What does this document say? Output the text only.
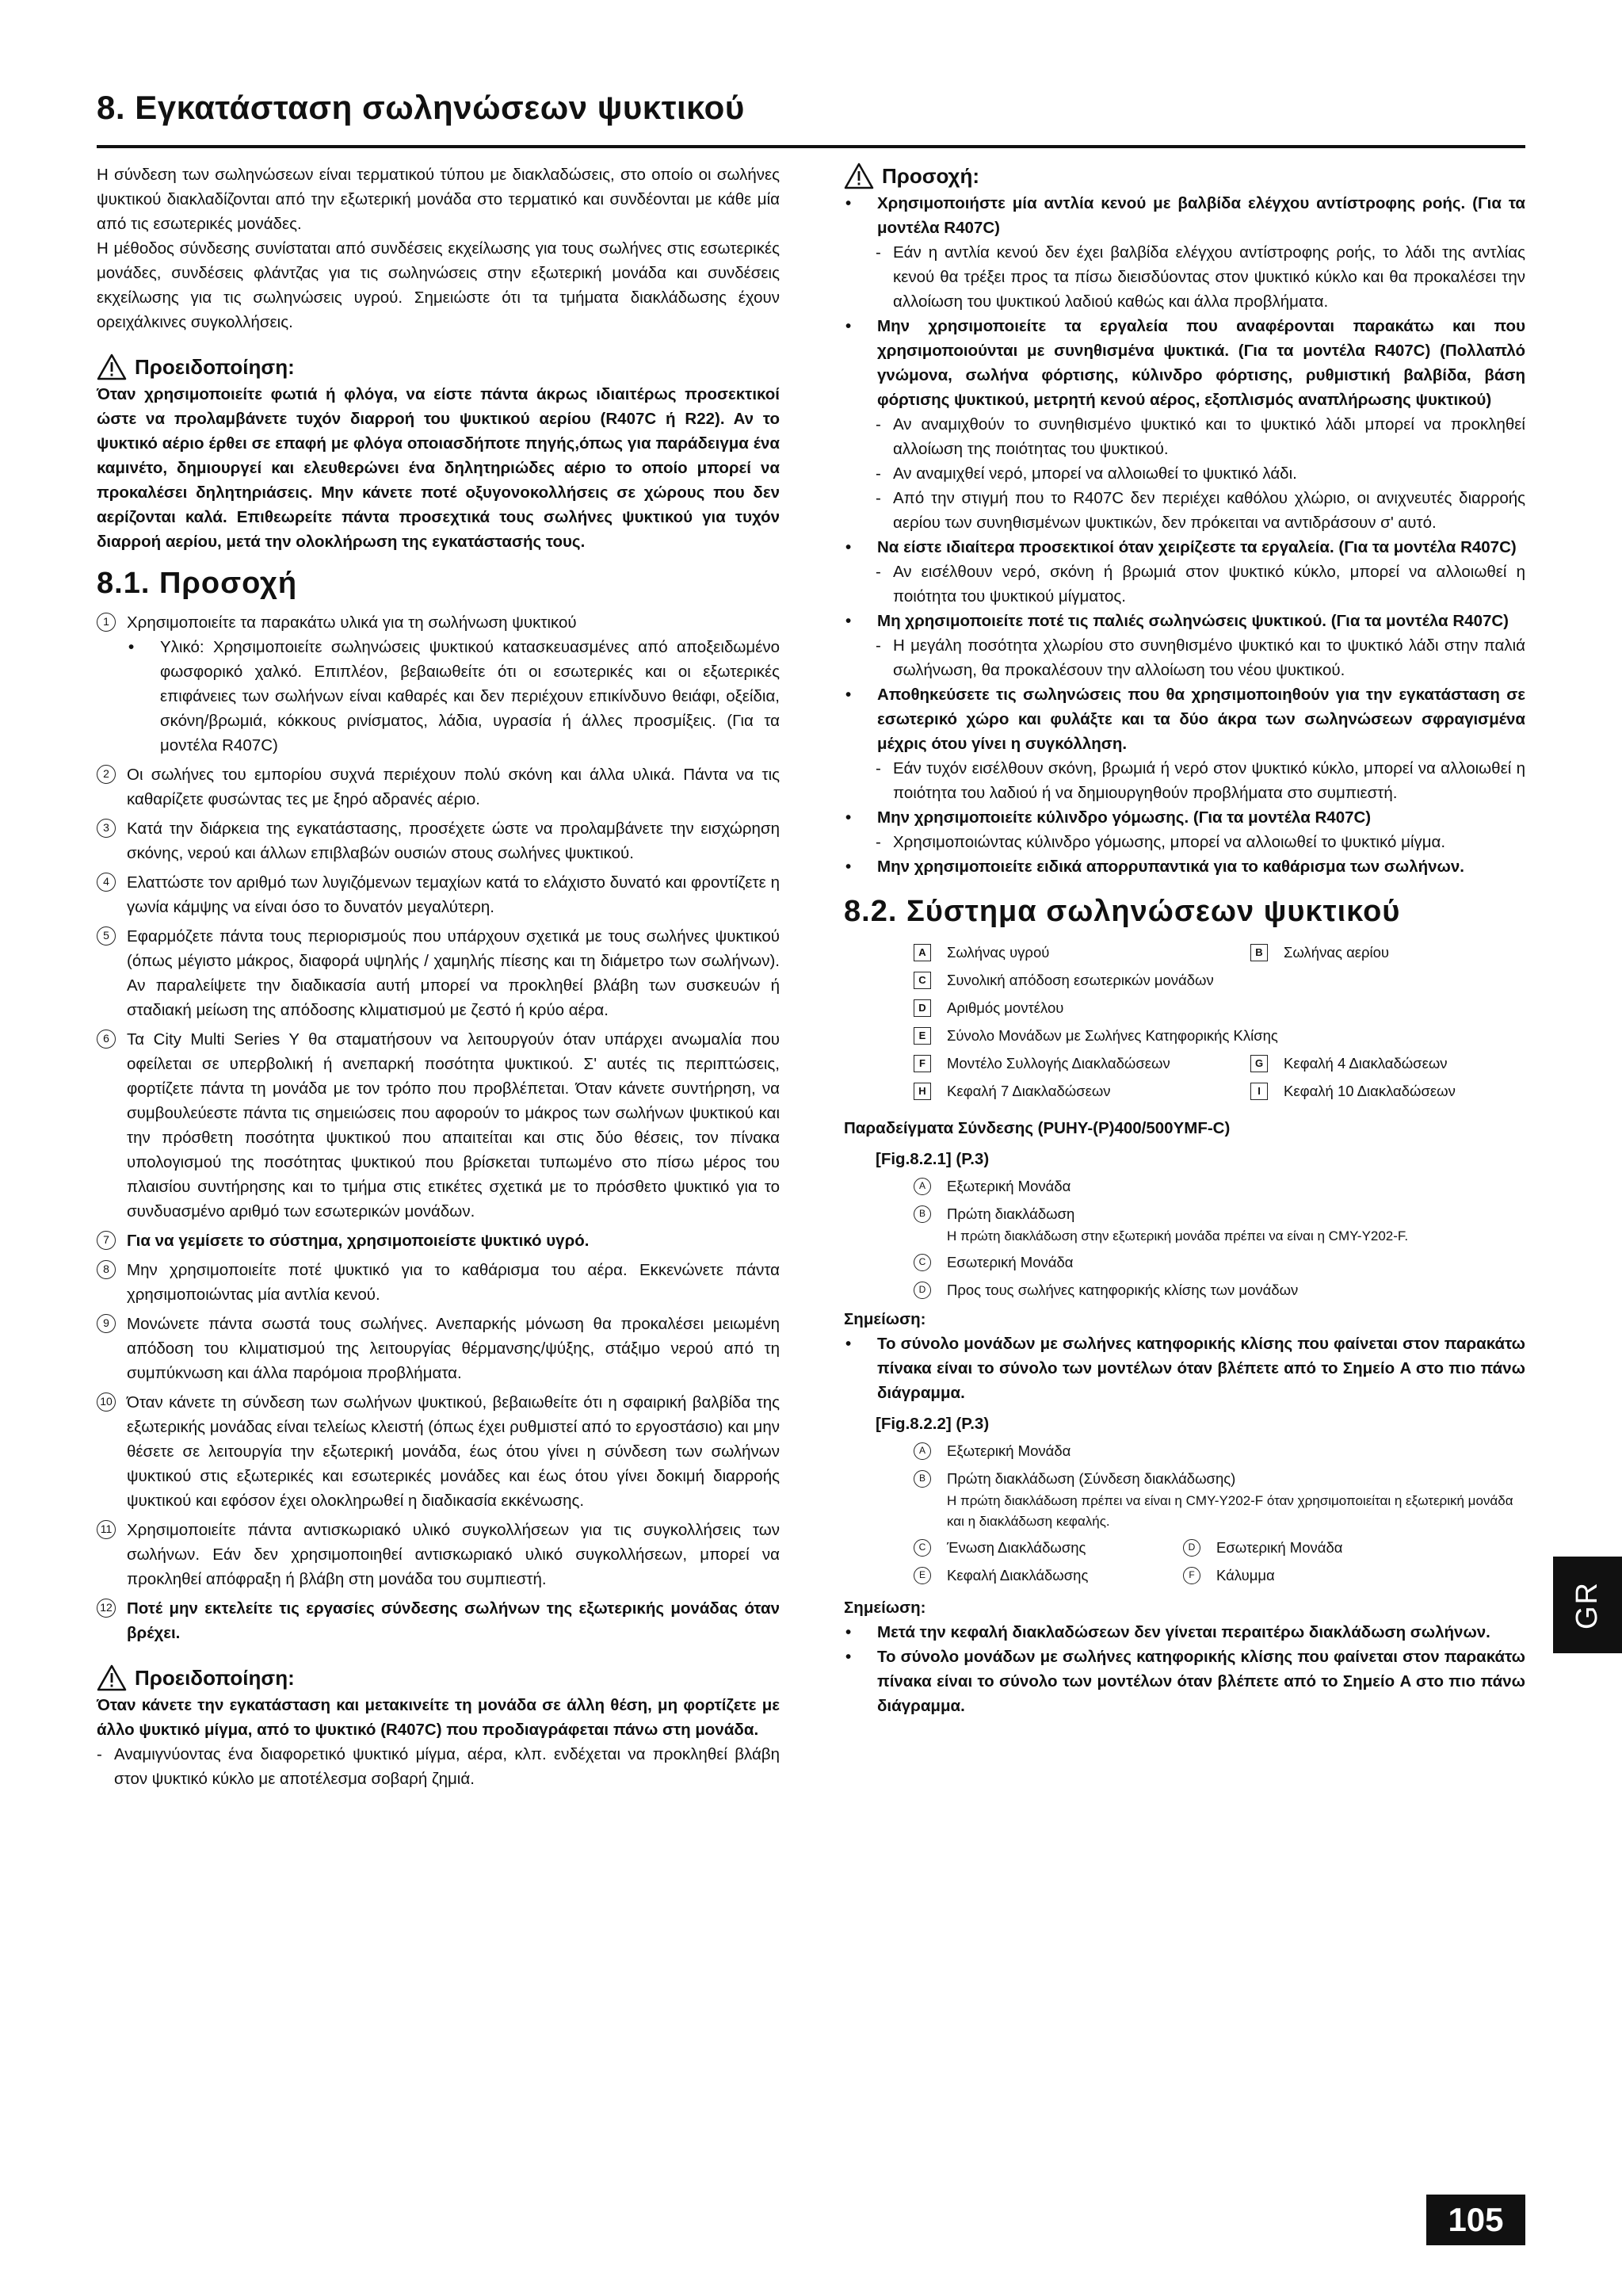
8. Εγκατάσταση σωληνώσεων ψυκτικού

Η σύνδεση των σωληνώσεων είναι τερματικού τύπου με διακλαδώσεις, στο οποίο οι σωλήνες ψυκτικού διακλαδίζονται από την εξωτερική μονάδα στο τερματικό και συνδέονται με κάθε μία από τις εσωτερικές μονάδες.

Η μέθοδος σύνδεσης συνίσταται από συνδέσεις εκχείλωσης για τους σωλήνες στις εσωτερικές μονάδες, συνδέσεις φλάντζας για τις σωληνώσεις στην εξωτερική μονάδα και συνδέσεις εκχείλωσης για τις σωληνώσεις υγρού. Σημειώστε ότι τα τμήματα διακλάδωσης έχουν ορειχάλκινες συγκολλήσεις.

Προειδοποίηση:

Όταν χρησιμοποιείτε φωτιά ή φλόγα, να είστε πάντα άκρως ιδιαιτέρως προσεκτικοί ώστε να προλαμβάνετε τυχόν διαρροή του ψυκτικού αερίου (R407C ή R22). Αν το ψυκτικό αέριο έρθει σε επαφή με φλόγα οποιασδήποτε πηγής,όπως για παράδειγμα ένα καμινέτο, δημιουργεί και ελευθερώνει ένα δηλητηριώδες αέριο το οποίο μπορεί να προκαλέσει δηλητηριάσεις. Μην κάνετε ποτέ οξυγονοκολλήσεις σε χώρους που δεν αερίζονται καλά. Επιθεωρείτε πάντα προσεχτικά τους σωλήνες ψυκτικού για τυχόν διαρροή αερίου, μετά την ολοκλήρωση της εγκατάστασής τους.

8.1. Προσοχή
1	Χρησιμοποιείτε τα παρακάτω υλικά για τη σωλήνωση ψυκτικού

•	Υλικό: Χρησιμοποιείτε σωληνώσεις ψυκτικού κατασκευασμένες από αποξειδωμένο φωσφορικό χαλκό. Επιπλέον, βεβαιωθείτε ότι οι εσωτερικές και οι εξωτερικές επιφάνειες των σωλήνων είναι καθαρές και δεν περιέχουν επικίνδυνο θειάφι, οξείδια, σκόνη/βρωμιά, κόκκους ρινίσματος, λάδια, υγρασία ή άλλες προσμίξεις. (Για τα μοντέλα R407C)
2	Οι σωλήνες του εμπορίου συχνά περιέχουν πολύ σκόνη και άλλα υλικά. Πάντα να τις καθαρίζετε φυσώντας τες με ξηρό αδρανές αέριο.
3	Κατά την διάρκεια της εγκατάστασης, προσέχετε ώστε να προλαμβάνετε την εισχώρηση σκόνης, νερού και άλλων επιβλαβών ουσιών στους σωλήνες ψυκτικού.
4	Ελαττώστε τον αριθμό των λυγιζόμενων τεμαχίων κατά το ελάχιστο δυνατό και φροντίζετε η γωνία κάμψης να είναι όσο το δυνατόν μεγαλύτερη.
5	Εφαρμόζετε πάντα τους περιορισμούς που υπάρχουν σχετικά με τους σωλήνες ψυκτικού (όπως μέγιστο μάκρος, διαφορά υψηλής / χαμηλής πίεσης και τη διάμετρο των σωλήνων). Αν παραλείψετε την διαδικασία αυτή μπορεί να προκληθεί βλάβη των συσκευών ή σταδιακή μείωση της απόδοσης κλιματισμού με ζεστό ή κρύο αέρα.
6	Τα City Multi Series Y θα σταματήσουν να λειτουργούν όταν υπάρχει ανωμαλία που οφείλεται σε υπερβολική ή ανεπαρκή ποσότητα ψυκτικού. Σ' αυτές τις περιπτώσεις, φορτίζετε πάντα τη μονάδα με τον τρόπο που προβλέπεται. Όταν κάνετε συντήρηση, να συμβουλεύεστε πάντα τις σημειώσεις που αφορούν το μάκρος των σωλήνων ψυκτικού και την πρόσθετη ποσότητα ψυκτικού που απαιτείται και στις δύο θέσεις, τον πίνακα υπολογισμού της ποσότητας ψυκτικού που βρίσκεται τυπωμένο στο πίσω μέρος του πλαισίου συντήρησης και το τμήμα στις ετικέτες σχετικά με το πρόσθετο ψυκτικό για το συνδυασμένο αριθμό των εσωτερικών μονάδων.
7	Για να γεμίσετε το σύστημα, χρησιμοποιείστε ψυκτικό υγρό.
8	Μην χρησιμοποιείτε ποτέ ψυκτικό για το καθάρισμα του αέρα. Εκκενώνετε πάντα χρησιμοποιώντας μία αντλία κενού.
9	Μονώνετε πάντα σωστά τους σωλήνες. Ανεπαρκής μόνωση θα προκαλέσει μειωμένη απόδοση του κλιματισμού της λειτουργίας θέρμανσης/ψύξης, στάξιμο νερού από τη συμπύκνωση και άλλα παρόμοια προβλήματα.
10 Όταν κάνετε τη σύνδεση των σωλήνων ψυκτικού, βεβαιωθείτε ότι η σφαιρική βαλβίδα της εξωτερικής μονάδας είναι τελείως κλειστή (όπως έχει ρυθμιστεί από το εργοστάσιο) και μην θέσετε σε λειτουργία την εξωτερική μονάδα, έως ότου γίνει η σύνδεση των σωλήνων ψυκτικού στις εξωτερικές και εσωτερικές μονάδες και έως ότου γίνει δοκιμή διαρροής ψυκτικού και εφόσον έχει ολοκληρωθεί η διαδικασία εκκένωσης.
11 Χρησιμοποιείτε πάντα αντισκωριακό υλικό συγκολλήσεων για τις συγκολλήσεις των σωλήνων. Εάν δεν χρησιμοποιηθεί αντισκωριακό υλικό συγκολλήσεων, μπορεί να προκληθεί απόφραξη ή βλάβη στη μονάδα του συμπιεστή.
12 Ποτέ μην εκτελείτε τις εργασίες σύνδεσης σωλήνων της εξωτερικής μονάδας όταν βρέχει.
Προειδοποίηση:

Όταν κάνετε την εγκατάσταση και μετακινείτε τη μονάδα σε άλλη θέση, μη φορτίζετε με άλλο ψυκτικό μίγμα, από το ψυκτικό (R407C) που προδιαγράφεται πάνω στη μονάδα.

- Αναμιγνύοντας ένα διαφορετικό ψυκτικό μίγμα, αέρα, κλπ. ενδέχεται να προκληθεί βλάβη στον ψυκτικό κύκλο με αποτέλεσμα σοβαρή ζημιά.
Προσοχή:
•	Χρησιμοποιήστε μία αντλία κενού με βαλβίδα ελέγχου αντίστροφης ροής. (Για τα μοντέλα R407C)
- Εάν η αντλία κενού δεν έχει βαλβίδα ελέγχου αντίστροφης ροής, το λάδι της αντλίας κενού θα τρέξει προς τα πίσω διεισδύοντας στον ψυκτικό κύκλο και θα προκαλέσει την αλλοίωση του ψυκτικού λαδιού καθώς και άλλα προβλήματα.
•	Μην χρησιμοποιείτε τα εργαλεία που αναφέρονται παρακάτω και που χρησιμοποιούνται με συνηθισμένα ψυκτικά. (Για τα μοντέλα R407C) (Πολλαπλό γνώμονα, σωλήνα φόρτισης, κύλινδρο φόρτισης, ρυθμιστική βαλβίδα, βάση φόρτισης ψυκτικού, μετρητή κενού αέρος, εξοπλισμός αναπλήρωσης ψυκτικού)
- Αν αναμιχθούν το συνηθισμένο ψυκτικό και το ψυκτικό λάδι μπορεί να προκληθεί αλλοίωση της ποιότητας του ψυκτικού.
- Αν αναμιχθεί νερό, μπορεί να αλλοιωθεί το ψυκτικό λάδι.
- Από την στιγμή που το R407C δεν περιέχει καθόλου χλώριο, οι ανιχνευτές διαρροής αερίου των συνηθισμένων ψυκτικών, δεν πρόκειται να αντιδράσουν σ' αυτό.
•	Να είστε ιδιαίτερα προσεκτικοί όταν χειρίζεστε τα εργαλεία. (Για τα μοντέλα R407C)
- Αν εισέλθουν νερό, σκόνη ή βρωμιά στον ψυκτικό κύκλο, μπορεί να αλλοιωθεί η ποιότητα του ψυκτικού μίγματος.
•	Μη χρησιμοποιείτε ποτέ τις παλιές σωληνώσεις ψυκτικού. (Για τα μοντέλα R407C)
- Η μεγάλη ποσότητα χλωρίου στο συνηθισμένο ψυκτικό και το ψυκτικό λάδι στην παλιά σωλήνωση, θα προκαλέσουν την αλλοίωση του νέου ψυκτικού.
•	Αποθηκεύσετε τις σωληνώσεις που θα χρησιμοποιηθούν για την εγκατάσταση σε εσωτερικό χώρο και φυλάξτε και τα δύο άκρα των σωληνώσεων σφραγισμένα μέχρις ότου γίνει η συγκόλληση.
- Εάν τυχόν εισέλθουν σκόνη, βρωμιά ή νερό στον ψυκτικό κύκλο, μπορεί να αλλοιωθεί η ποιότητα του λαδιού ή να δημιουργηθούν προβλήματα στο συμπιεστή.
•	Μην χρησιμοποιείτε κύλινδρο γόμωσης. (Για τα μοντέλα R407C)
- Χρησιμοποιώντας κύλινδρο γόμωσης, μπορεί να αλλοιωθεί το ψυκτικό μίγμα.
•	Μην χρησιμοποιείτε ειδικά απορρυπαντικά για το καθάρισμα των σωλήνων.
8.2. Σύστημα σωληνώσεων ψυκτικού
A	Σωλήνας υγρού	B	Σωλήνας αερίου
C	Συνολική απόδοση εσωτερικών μονάδων
D	Αριθμός μοντέλου
E	Σύνολο Μονάδων με Σωλήνες Κατηφορικής Κλίσης
F	Μοντέλο Συλλογής Διακλαδώσεων	G	Κεφαλή 4 Διακλαδώσεων
H	Κεφαλή 7 Διακλαδώσεων	I	Κεφαλή 10 Διακλαδώσεων

Παραδείγματα Σύνδεσης (PUHY-(P)400/500YMF-C)

[Fig.8.2.1] (P.3)

A	Εξωτερική Μονάδα
B	Πρώτη διακλάδωση
Η πρώτη διακλάδωση στην εξωτερική μονάδα πρέπει να είναι η CMY-Y202-F.
C	Εσωτερική Μονάδα
D	Προς τους σωλήνες κατηφορικής κλίσης των μονάδων

Σημείωση:

•	Το σύνολο μονάδων με σωλήνες κατηφορικής κλίσης που φαίνεται στον παρακάτω πίνακα είναι το σύνολο των μοντέλων όταν βλέπετε από το Σημείο A στο πιο πάνω διάγραμμα.

[Fig.8.2.2] (P.3)

A	Εξωτερική Μονάδα
B	Πρώτη διακλάδωση (Σύνδεση διακλάδωσης)
Η πρώτη διακλάδωση πρέπει να είναι η CMY-Y202-F όταν χρησιμοποιείται η εξωτερική μονάδα και η διακλάδωση κεφαλής.
C	Ένωση Διακλάδωσης	D	Εσωτερική Μονάδα
E	Κεφαλή Διακλάδωσης	F	Κάλυμμα

Σημείωση:

•	Μετά την κεφαλή διακλαδώσεων δεν γίνεται περαιτέρω διακλάδωση σωλήνων.
•	Το σύνολο μονάδων με σωλήνες κατηφορικής κλίσης που φαίνεται στον παρακάτω πίνακα είναι το σύνολο των μοντέλων όταν βλέπετε από το Σημείο A στο πιο πάνω διάγραμμα.
GR
105
